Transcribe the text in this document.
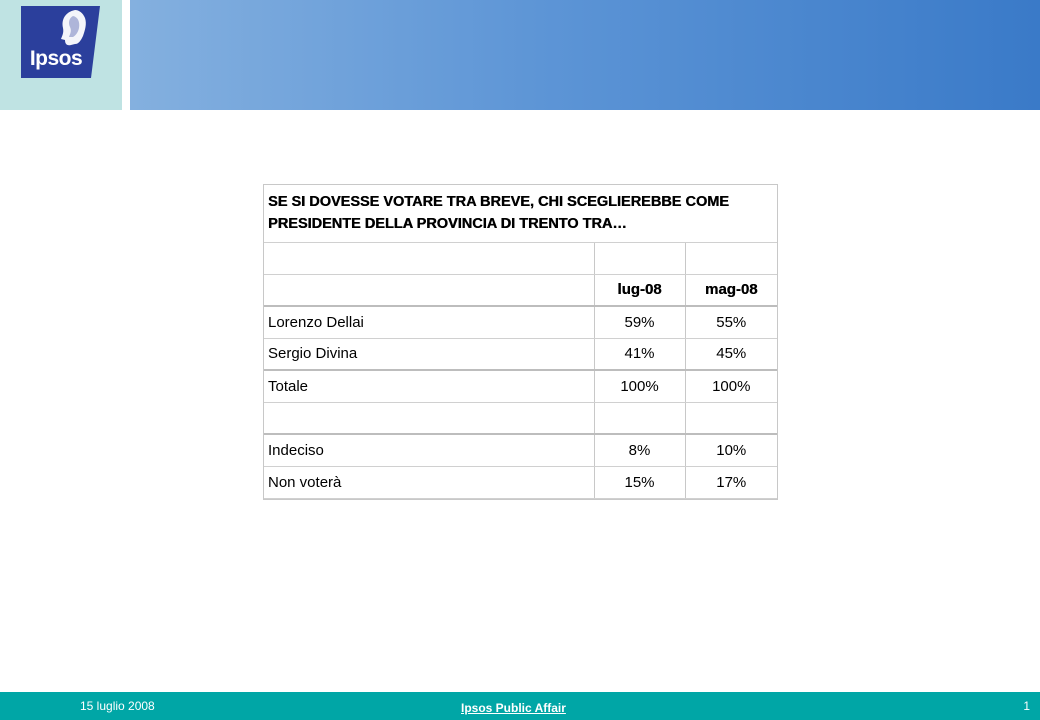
Ipsos
SE SI DOVESSE VOTARE TRA BREVE, CHI SCEGLIEREBBE COME PRESIDENTE DELLA PROVINCIA DI TRENTO TRA…		

	lug-08	mag-08
Lorenzo Dellai	59%	55%
Sergio Divina	41%	45%
Totale	100%	100%

Indeciso	8%	10%
Non voterà	15%	17%
15 luglio 2008	Ipsos Public Affair	1
